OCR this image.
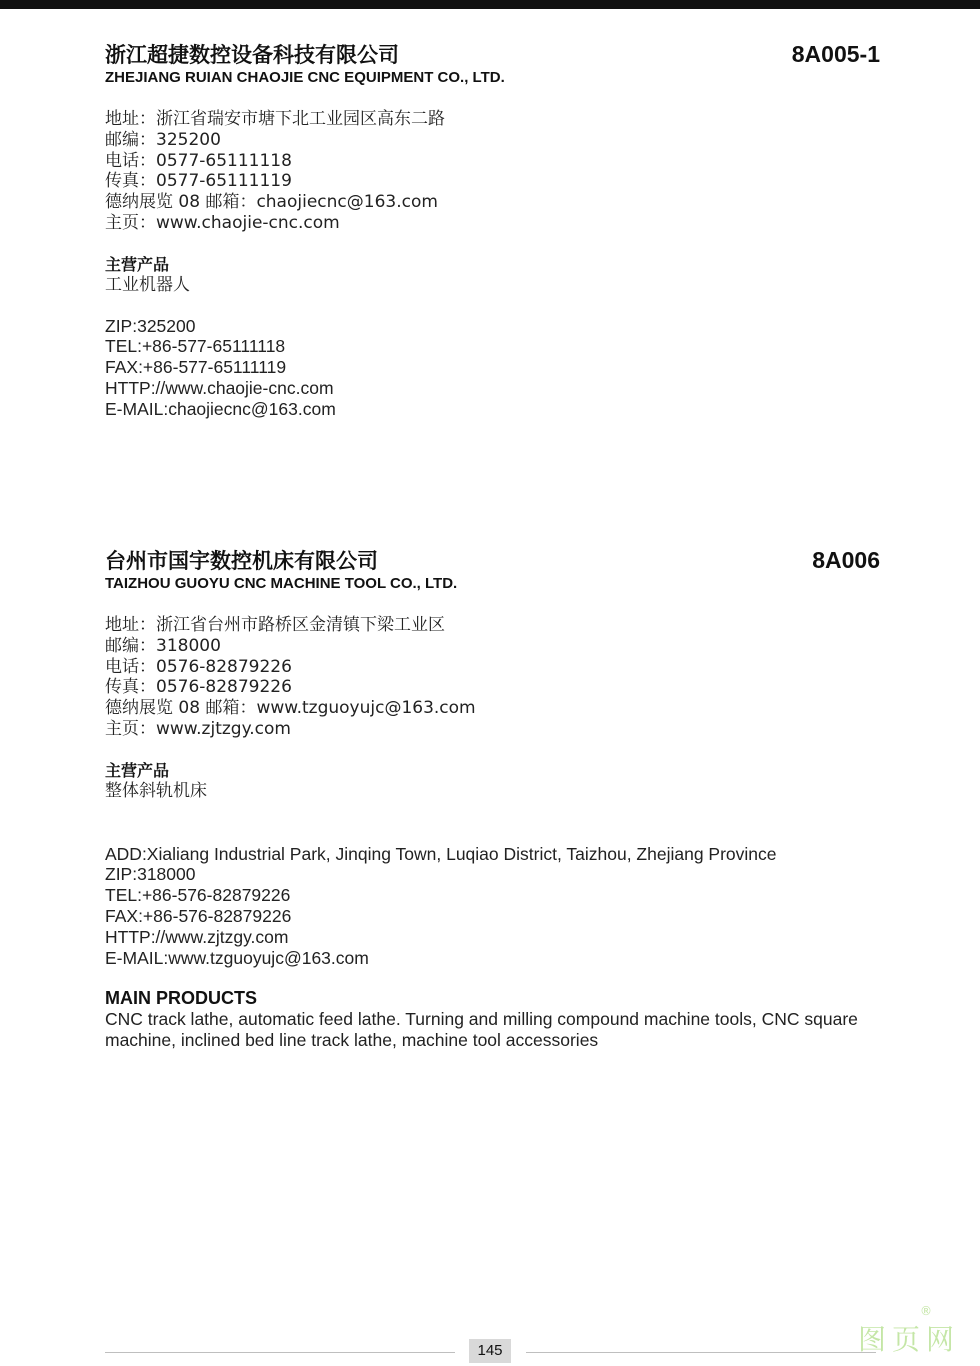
浙江超捷数控设备科技有限公司
ZHEJIANG RUIAN CHAOJIE CNC EQUIPMENT CO., LTD.
8A005-1
地址：浙江省瑞安市塘下北工业园区高东二路
邮编：325200
电话：0577-65111118
传真：0577-65111119
德纳展览 08 邮箱：chaojiecnc@163.com
主页：www.chaojie-cnc.com
主营产品
工业机器人
ZIP:325200
TEL:+86-577-65111118
FAX:+86-577-65111119
HTTP://www.chaojie-cnc.com
E-MAIL:chaojiecnc@163.com
台州市国宇数控机床有限公司
TAIZHOU GUOYU CNC MACHINE TOOL CO., LTD.
8A006
地址：浙江省台州市路桥区金清镇下梁工业区
邮编：318000
电话：0576-82879226
传真：0576-82879226
德纳展览 08 邮箱：www.tzguoyujc@163.com
主页：www.zjtzgy.com
主营产品
整体斜轨机床
ADD:Xialiang Industrial Park, Jinqing Town, Luqiao District, Taizhou, Zhejiang Province
ZIP:318000
TEL:+86-576-82879226
FAX:+86-576-82879226
HTTP://www.zjtzgy.com
E-MAIL:www.tzguoyujc@163.com
MAIN PRODUCTS
CNC track lathe, automatic feed lathe. Turning and milling compound machine tools, CNC square machine, inclined bed line track lathe, machine tool accessories
145	图页网
®
